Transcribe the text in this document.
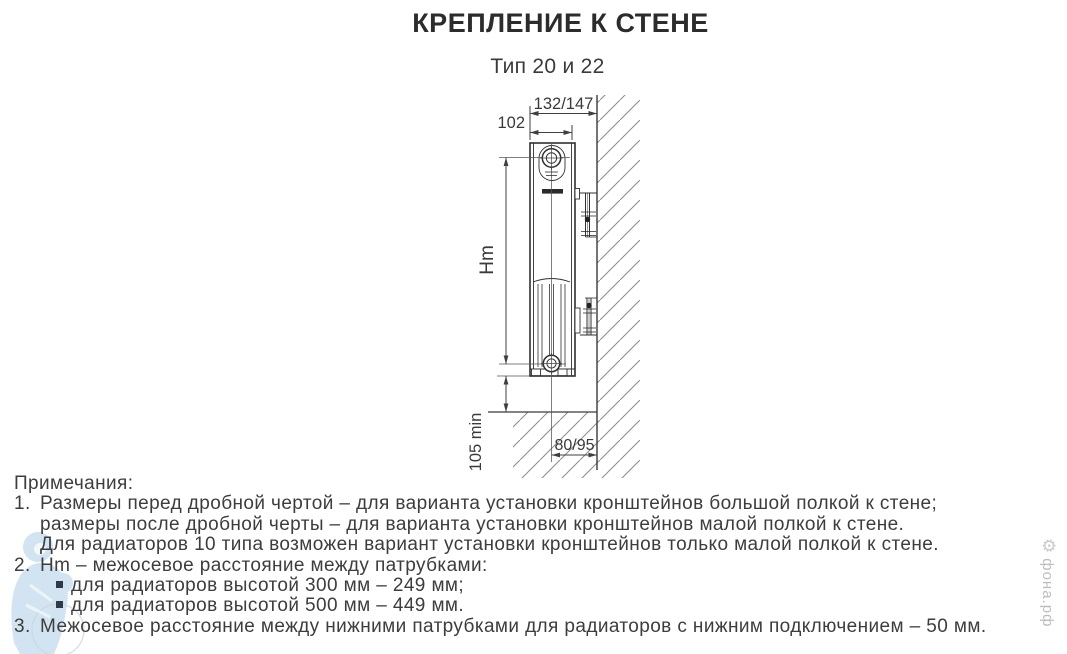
КРЕПЛЕНИЕ К СТЕНЕ
Тип 20 и 22
132/147
102
Hm
105 min	80/95
Примечания:
1. Размеры перед дробной чертой – для варианта установки кронштейнов большой полкой к стене;
размеры после дробной черты – для варианта установки кронштейнов малой полкой к стене.
Для радиаторов 10 типа возможен вариант установки кронштейнов только малой полкой к стене.
2. Hm – межосевое расстояние между патрубками:
для радиаторов высотой 300 мм – 249 мм;
для радиаторов высотой 500 мм – 449 мм.
3. Межосевое расстояние между нижними патрубками для радиаторов с нижним подключением – 50 мм.
⚙фона.рф
